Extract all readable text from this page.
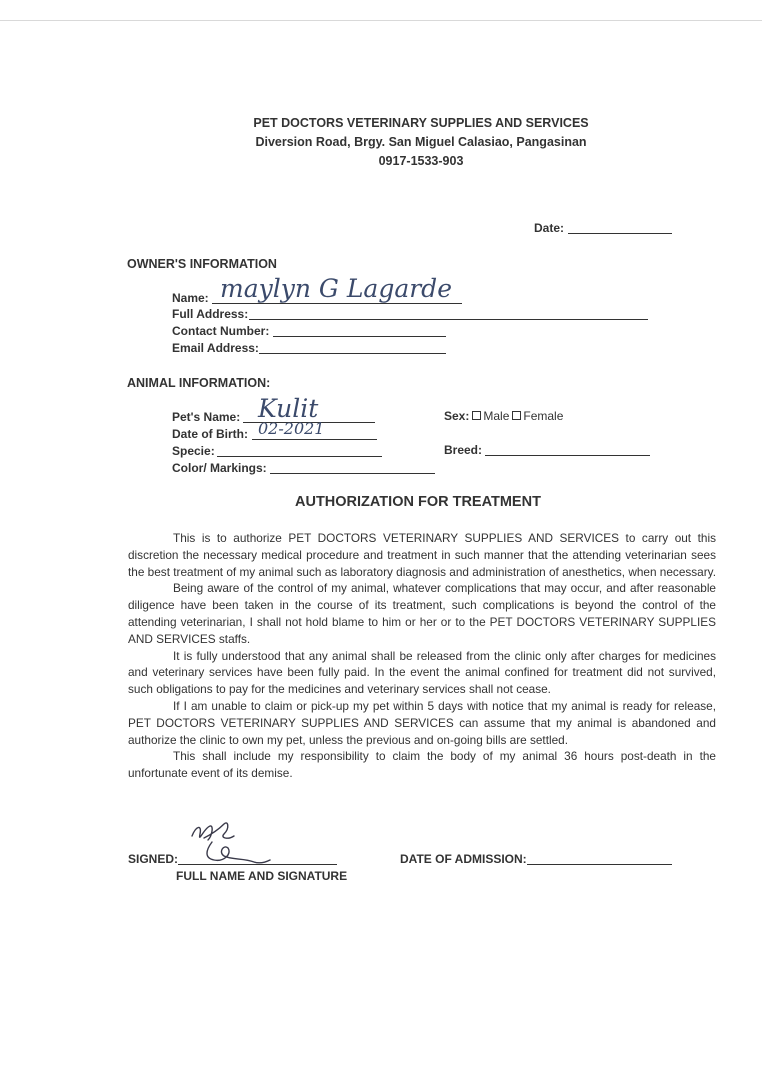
PET DOCTORS VETERINARY SUPPLIES AND SERVICES
Diversion Road, Brgy. San Miguel Calasiao, Pangasinan
0917-1533-903
Date:
OWNER'S INFORMATION
Name: maylyn G Lagarde
Full Address:
Contact Number:
Email Address:
ANIMAL INFORMATION:
Pet's Name: Kulit
Date of Birth: 02-2021
Specie:
Color/ Markings:
Sex: Male Female
Breed:
AUTHORIZATION FOR TREATMENT

This is to authorize PET DOCTORS VETERINARY SUPPLIES AND SERVICES to carry out this discretion the necessary medical procedure and treatment in such manner that the attending veterinarian sees the best treatment of my animal such as laboratory diagnosis and administration of anesthetics, when necessary.

Being aware of the control of my animal, whatever complications that may occur, and after reasonable diligence have been taken in the course of its treatment, such complications is beyond the control of the attending veterinarian, I shall not hold blame to him or her or to the PET DOCTORS VETERINARY SUPPLIES AND SERVICES staffs.

It is fully understood that any animal shall be released from the clinic only after charges for medicines and veterinary services have been fully paid. In the event the animal confined for treatment did not survived, such obligations to pay for the medicines and veterinary services shall not cease.

If I am unable to claim or pick-up my pet within 5 days with notice that my animal is ready for release, PET DOCTORS VETERINARY SUPPLIES AND SERVICES can assume that my animal is abandoned and authorize the clinic to own my pet, unless the previous and on-going bills are settled.

This shall include my responsibility to claim the body of my animal 36 hours post-death in the unfortunate event of its demise.

SIGNED:
FULL NAME AND SIGNATURE
DATE OF ADMISSION:
